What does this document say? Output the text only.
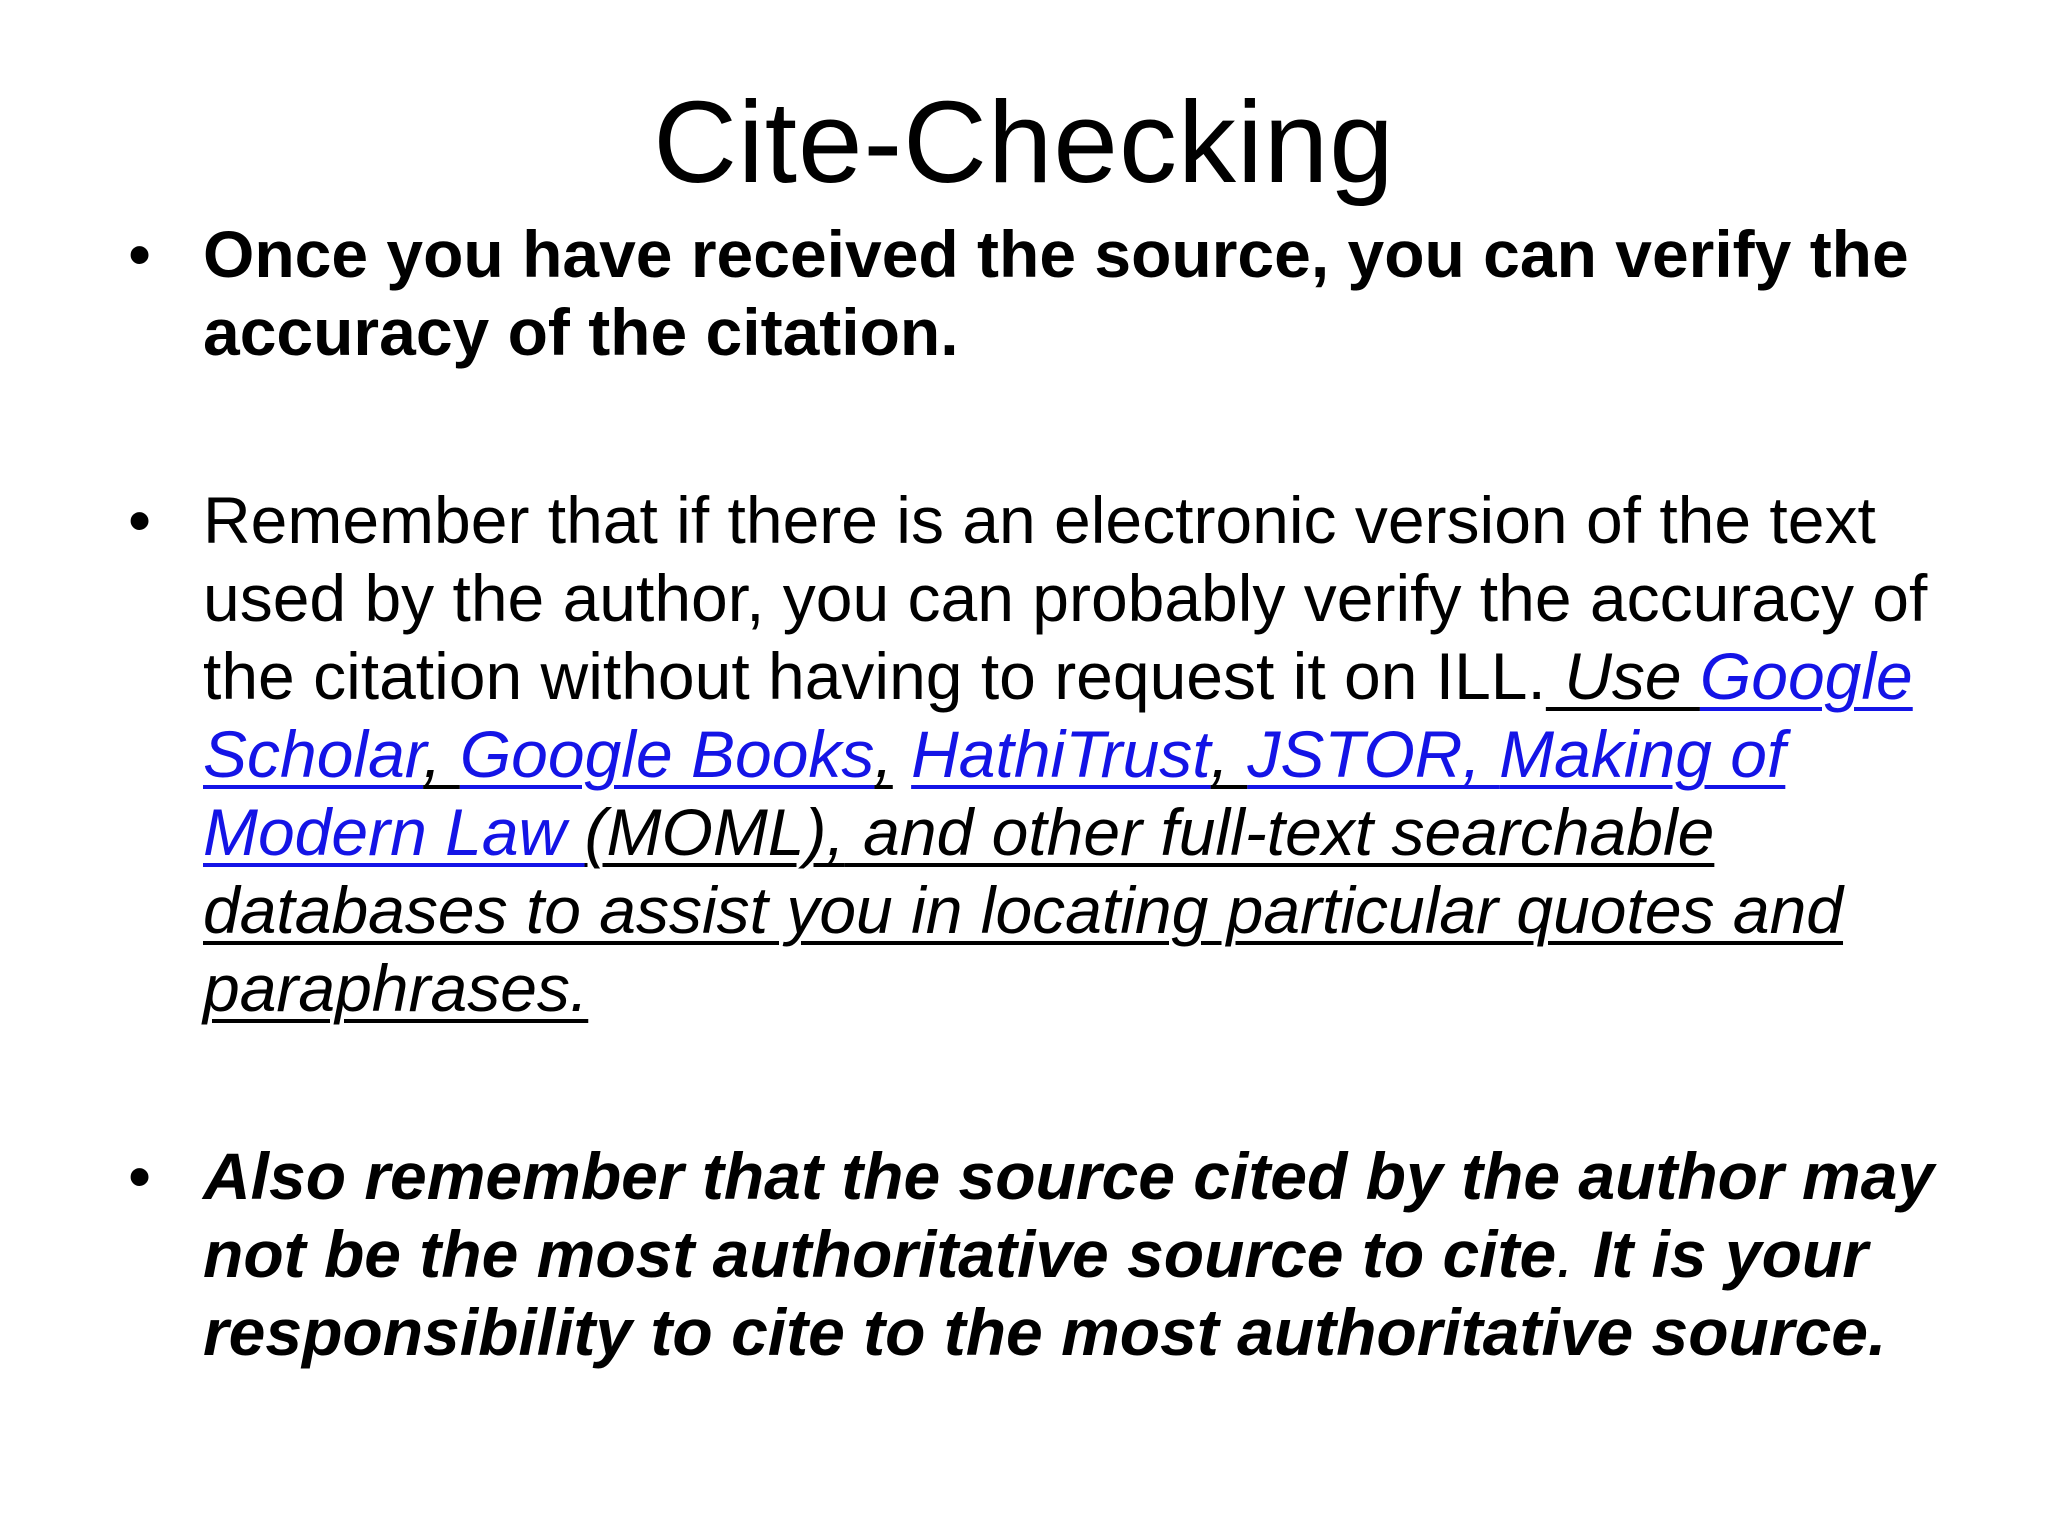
Cite-Checking
• Once you have received the source, you can verify the accuracy of the citation.
• Remember that if there is an electronic version of the text used by the author, you can probably verify the accuracy of the citation without having to request it on ILL. Use Google Scholar, Google Books, HathiTrust, JSTOR, Making of Modern Law (MOML), and other full-text searchable databases to assist you in locating particular quotes and paraphrases.
• Also remember that the source cited by the author may not be the most authoritative source to cite. It is your responsibility to cite to the most authoritative source.
